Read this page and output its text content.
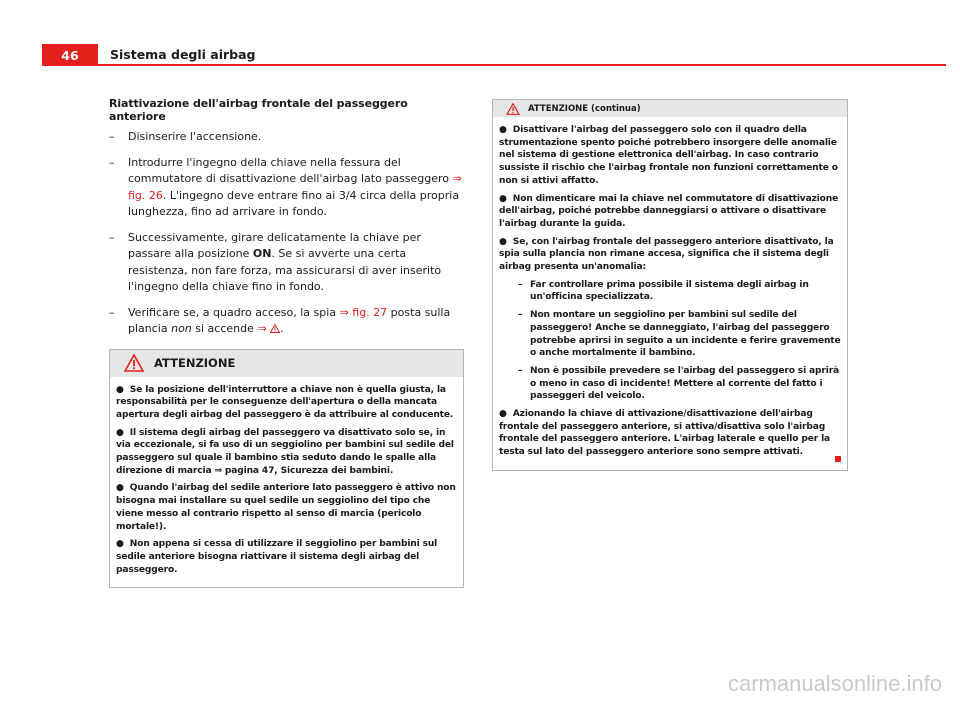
46	Sistema degli airbag
Riattivazione dell'airbag frontale del passeggero anteriore
– Disinserire l'accensione.
– Introdurre l'ingegno della chiave nella fessura del commutatore di disattivazione dell'airbag lato passeggero ⇒ fig. 26. L'ingegno deve entrare fino ai 3/4 circa della propria lunghezza, fino ad arrivare in fondo.
– Successivamente, girare delicatamente la chiave per passare alla posizione ON. Se si avverte una certa resistenza, non fare forza, ma assicurarsi di aver inserito l'ingegno della chiave fino in fondo.
– Verificare se, a quadro acceso, la spia ⇒ fig. 27 posta sulla plancia non si accende ⇒ .
ATTENZIONE

● Se la posizione dell'interruttore a chiave non è quella giusta, la responsabilità per le conseguenze dell'apertura o della mancata apertura degli airbag del passeggero è da attribuire al conducente.

● Il sistema degli airbag del passeggero va disattivato solo se, in via eccezionale, si fa uso di un seggiolino per bambini sul sedile del passeggero sul quale il bambino stia seduto dando le spalle alla direzione di marcia ⇒ pagina 47, Sicurezza dei bambini.

● Quando l'airbag del sedile anteriore lato passeggero è attivo non bisogna mai installare su quel sedile un seggiolino del tipo che viene messo al contrario rispetto al senso di marcia (pericolo mortale!).

● Non appena si cessa di utilizzare il seggiolino per bambini sul sedile anteriore bisogna riattivare il sistema degli airbag del passeggero.

ATTENZIONE (continua)

● Disattivare l'airbag del passeggero solo con il quadro della strumentazione spento poiché potrebbero insorgere delle anomalie nel sistema di gestione elettronica dell'airbag. In caso contrario sussiste il rischio che l'airbag frontale non funzioni correttamente o non si attivi affatto.

● Non dimenticare mai la chiave nel commutatore di disattivazione dell'airbag, poiché potrebbe danneggiarsi o attivare o disattivare l'airbag durante la guida.

● Se, con l'airbag frontale del passeggero anteriore disattivato, la spia sulla plancia non rimane accesa, significa che il sistema degli airbag presenta un'anomalia:

– Far controllare prima possibile il sistema degli airbag in un'officina specializzata.

– Non montare un seggiolino per bambini sul sedile del passeggero! Anche se danneggiato, l'airbag del passeggero potrebbe aprirsi in seguito a un incidente e ferire gravemente o anche mortalmente il bambino.

– Non è possibile prevedere se l'airbag del passeggero si aprirà o meno in caso di incidente! Mettere al corrente del fatto i passeggeri del veicolo.

● Azionando la chiave di attivazione/disattivazione dell'airbag frontale del passeggero anteriore, si attiva/disattiva solo l'airbag frontale del passeggero anteriore. L'airbag laterale e quello per la testa sul lato del passeggero anteriore sono sempre attivati.

carmanualsonline.info
